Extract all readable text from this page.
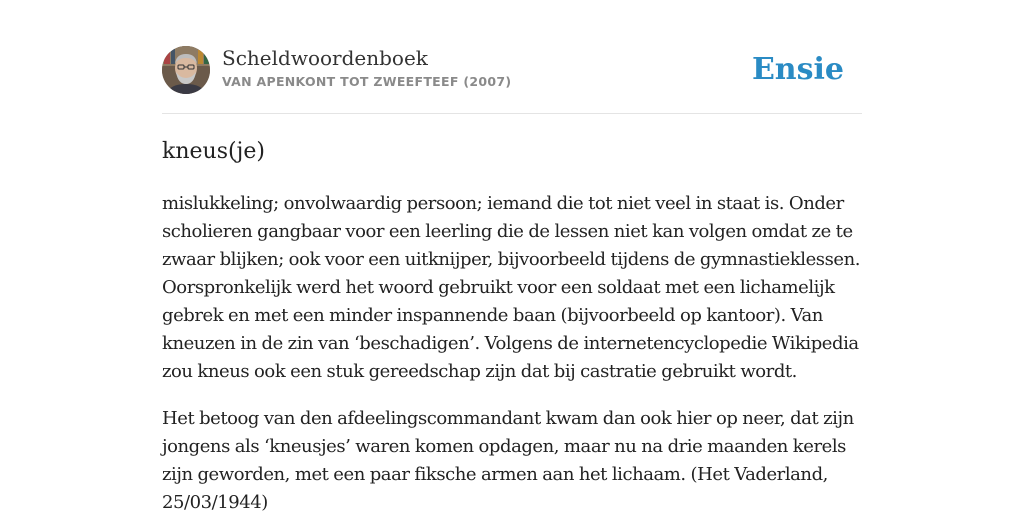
Scheldwoordenboek
VAN APENKONT TOT ZWEEFTEEF (2007)	Ensie
kneus(je)

mislukkeling; onvolwaardig persoon; iemand die tot niet veel in staat is. Onder scholieren gangbaar voor een leerling die de lessen niet kan volgen omdat ze te zwaar blijken; ook voor een uitknijper, bijvoorbeeld tijdens de gymnastieklessen. Oorspronkelijk werd het woord gebruikt voor een soldaat met een lichamelijk gebrek en met een minder inspannende baan (bijvoorbeeld op kantoor). Van kneuzen in de zin van ‘beschadigen’. Volgens de internetencyclopedie Wikipedia zou kneus ook een stuk gereedschap zijn dat bij castratie gebruikt wordt.

Het betoog van den afdeelingscommandant kwam dan ook hier op neer, dat zijn jongens als ‘kneusjes’ waren komen opdagen, maar nu na drie maanden kerels zijn geworden, met een paar fiksche armen aan het lichaam. (Het Vaderland, 25/03/1944)
